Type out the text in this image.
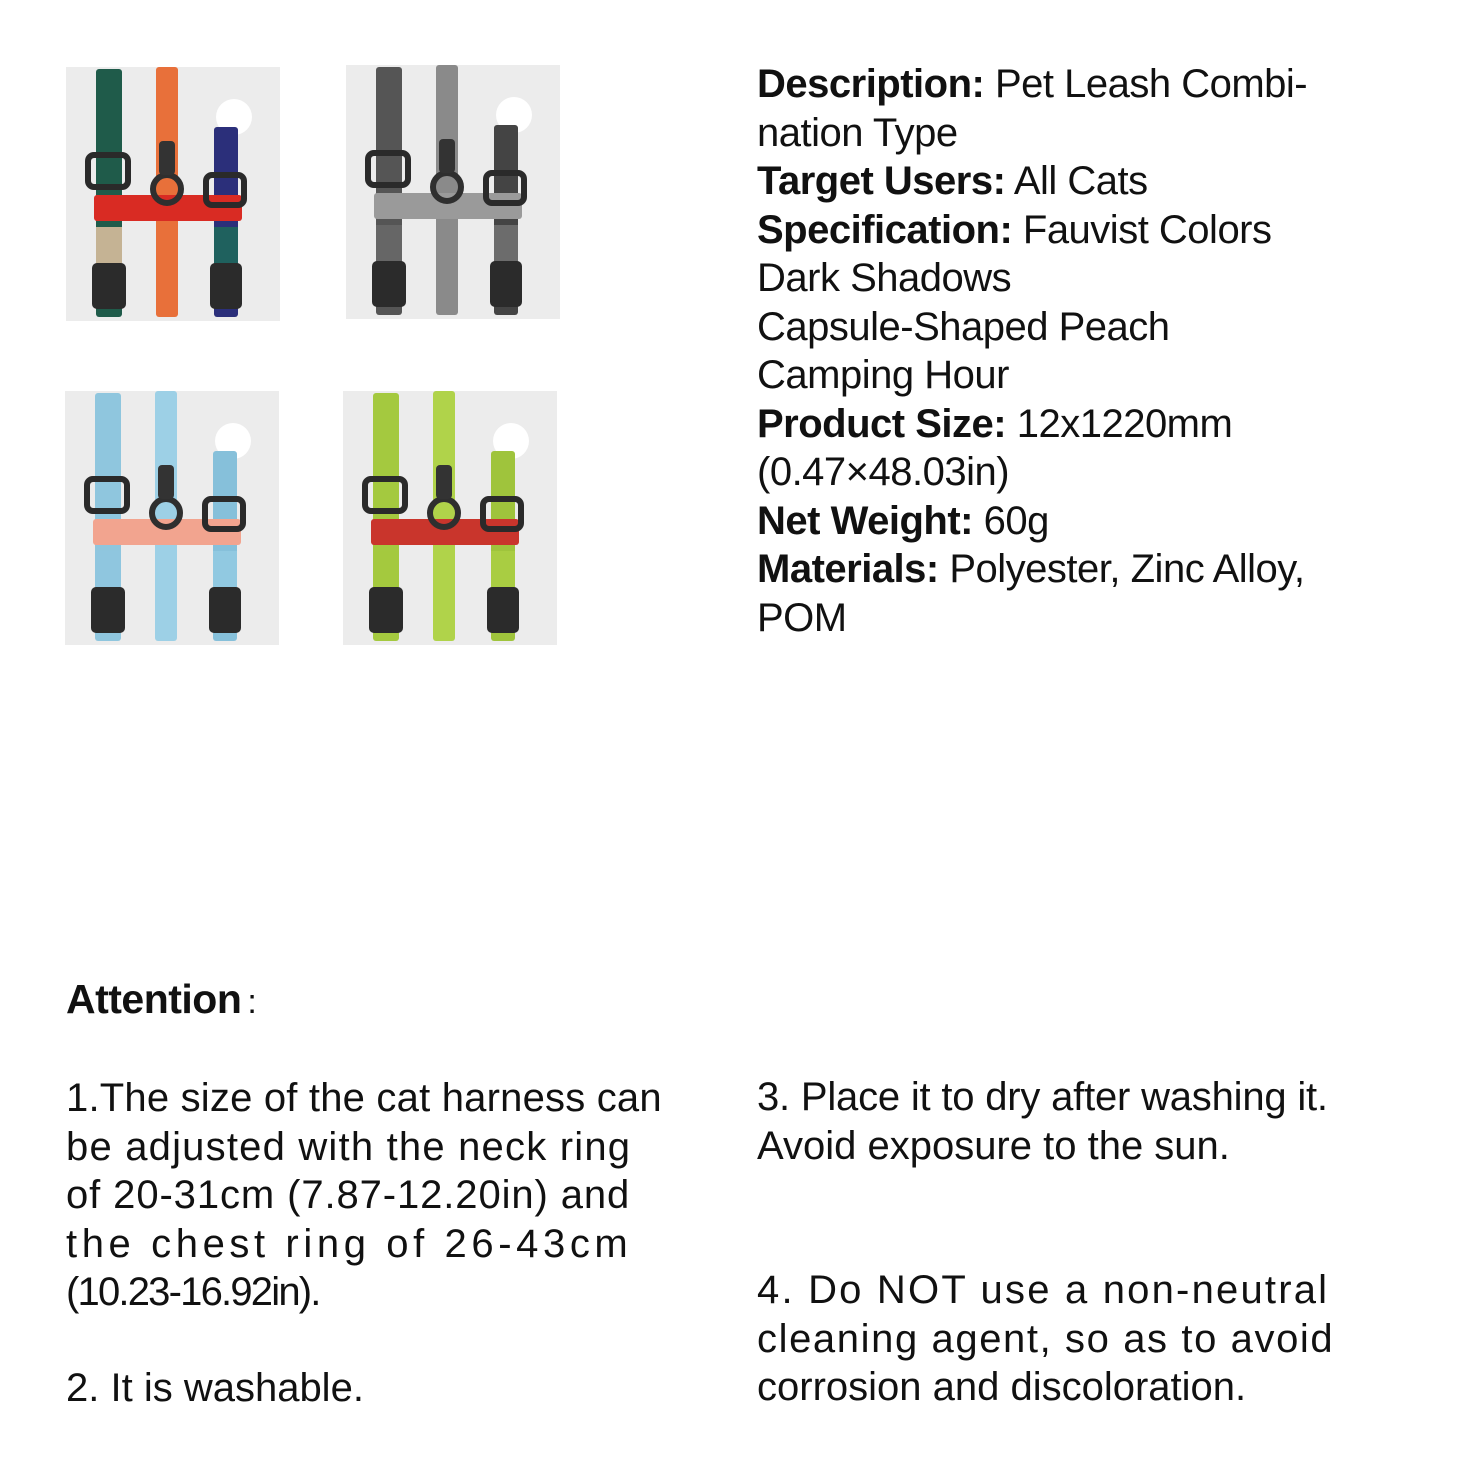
Description: Pet Leash Combi-
nation Type
Target Users: All Cats
Specification: Fauvist Colors
Dark Shadows
Capsule-Shaped Peach
Camping Hour
Product Size: 12x1220mm
(0.47×48.03in)
Net Weight: 60g
Materials: Polyester, Zinc Alloy,
POM
Attention :
1.The size of the cat harness can
be adjusted with the neck ring
of 20-31cm (7.87-12.20in) and
the chest ring of 26-43cm
(10.23-16.92in).
2. It is washable.
3. Place it to dry after washing it.
Avoid exposure to the sun.
4. Do NOT use a non-neutral
cleaning agent, so as to avoid
corrosion and discoloration.
